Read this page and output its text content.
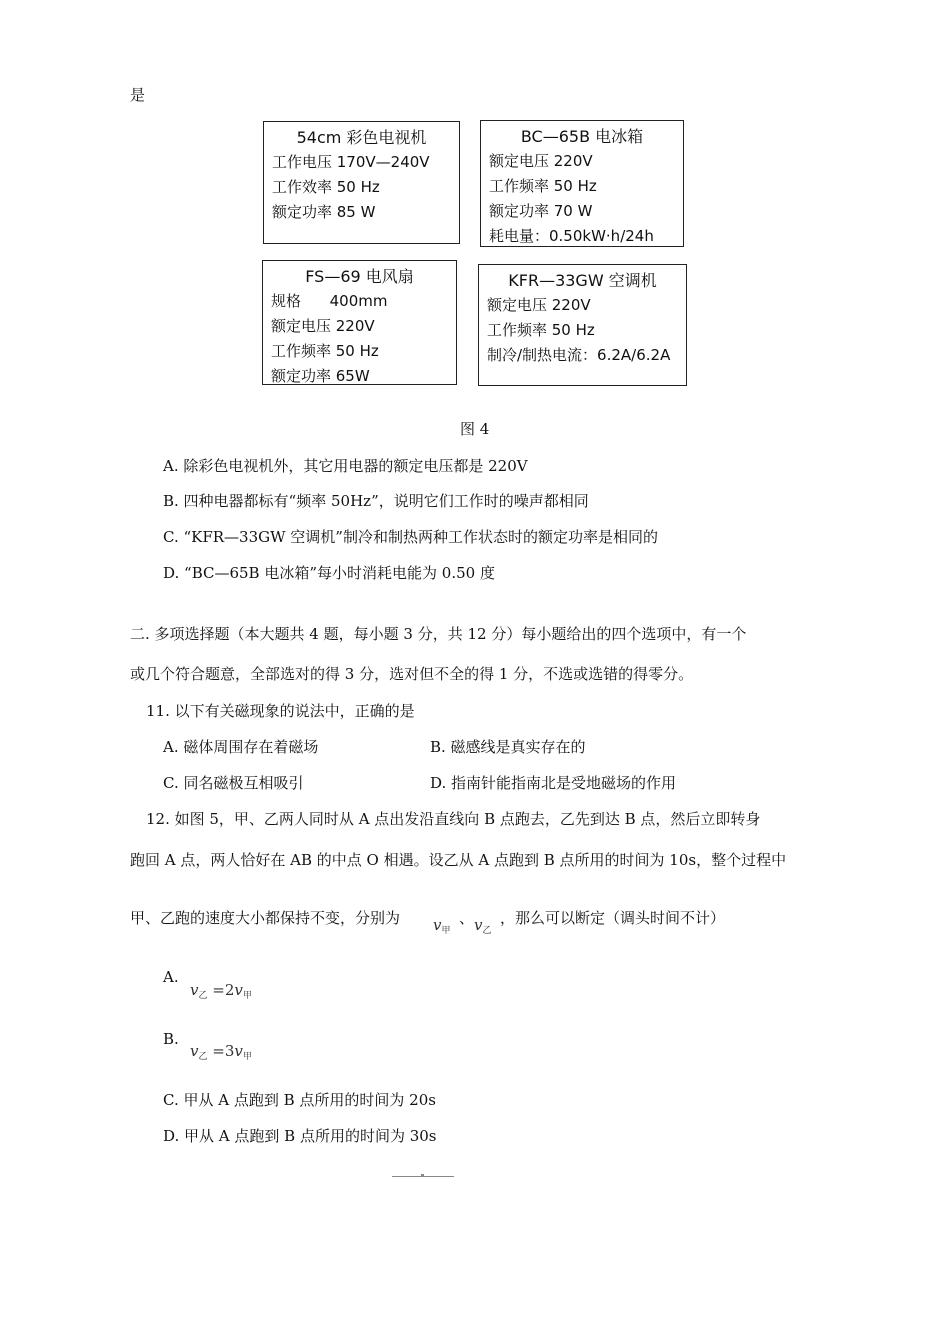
是
54cm 彩色电视机
工作电压 170V—240V
工作效率 50 Hz
额定功率 85 W
BC—65B 电冰箱
额定电压 220V
工作频率 50 Hz
额定功率 70 W
耗电量：0.50kW·h/24h
FS—69 电风扇
规格      400mm
额定电压 220V
工作频率 50 Hz
额定功率 65W
KFR—33GW 空调机
额定电压 220V
工作频率 50 Hz
制冷/制热电流：6.2A/6.2A
图 4
A. 除彩色电视机外，其它用电器的额定电压都是 220V
B. 四种电器都标有“频率 50Hz”，说明它们工作时的噪声都相同
C. “KFR—33GW 空调机”制冷和制热两种工作状态时的额定功率是相同的
D. “BC—65B 电冰箱”每小时消耗电能为 0.50 度
二. 多项选择题（本大题共 4 题，每小题 3 分，共 12 分）每小题给出的四个选项中，有一个
或几个符合题意，全部选对的得 3 分，选对但不全的得 1 分，不选或选错的得零分。
11. 以下有关磁现象的说法中，正确的是
A. 磁体周围存在着磁场	B. 磁感线是真实存在的
C. 同名磁极互相吸引	D. 指南针能指南北是受地磁场的作用
12. 如图 5，甲、乙两人同时从 A 点出发沿直线向 B 点跑去，乙先到达 B 点，然后立即转身
跑回 A 点，两人恰好在 AB 的中点 O 相遇。设乙从 A 点跑到 B 点所用的时间为 10s，整个过程中
甲、乙跑的速度大小都保持不变，分别为 $v_甲$
、 $v_乙$
，那么可以断定（调头时间不计）
A.
$v_乙 =2v_甲$
B.
$v_乙 =3v_甲$
C. 甲从 A 点跑到 B 点所用的时间为 20s
D. 甲从 A 点跑到 B 点所用的时间为 30s
